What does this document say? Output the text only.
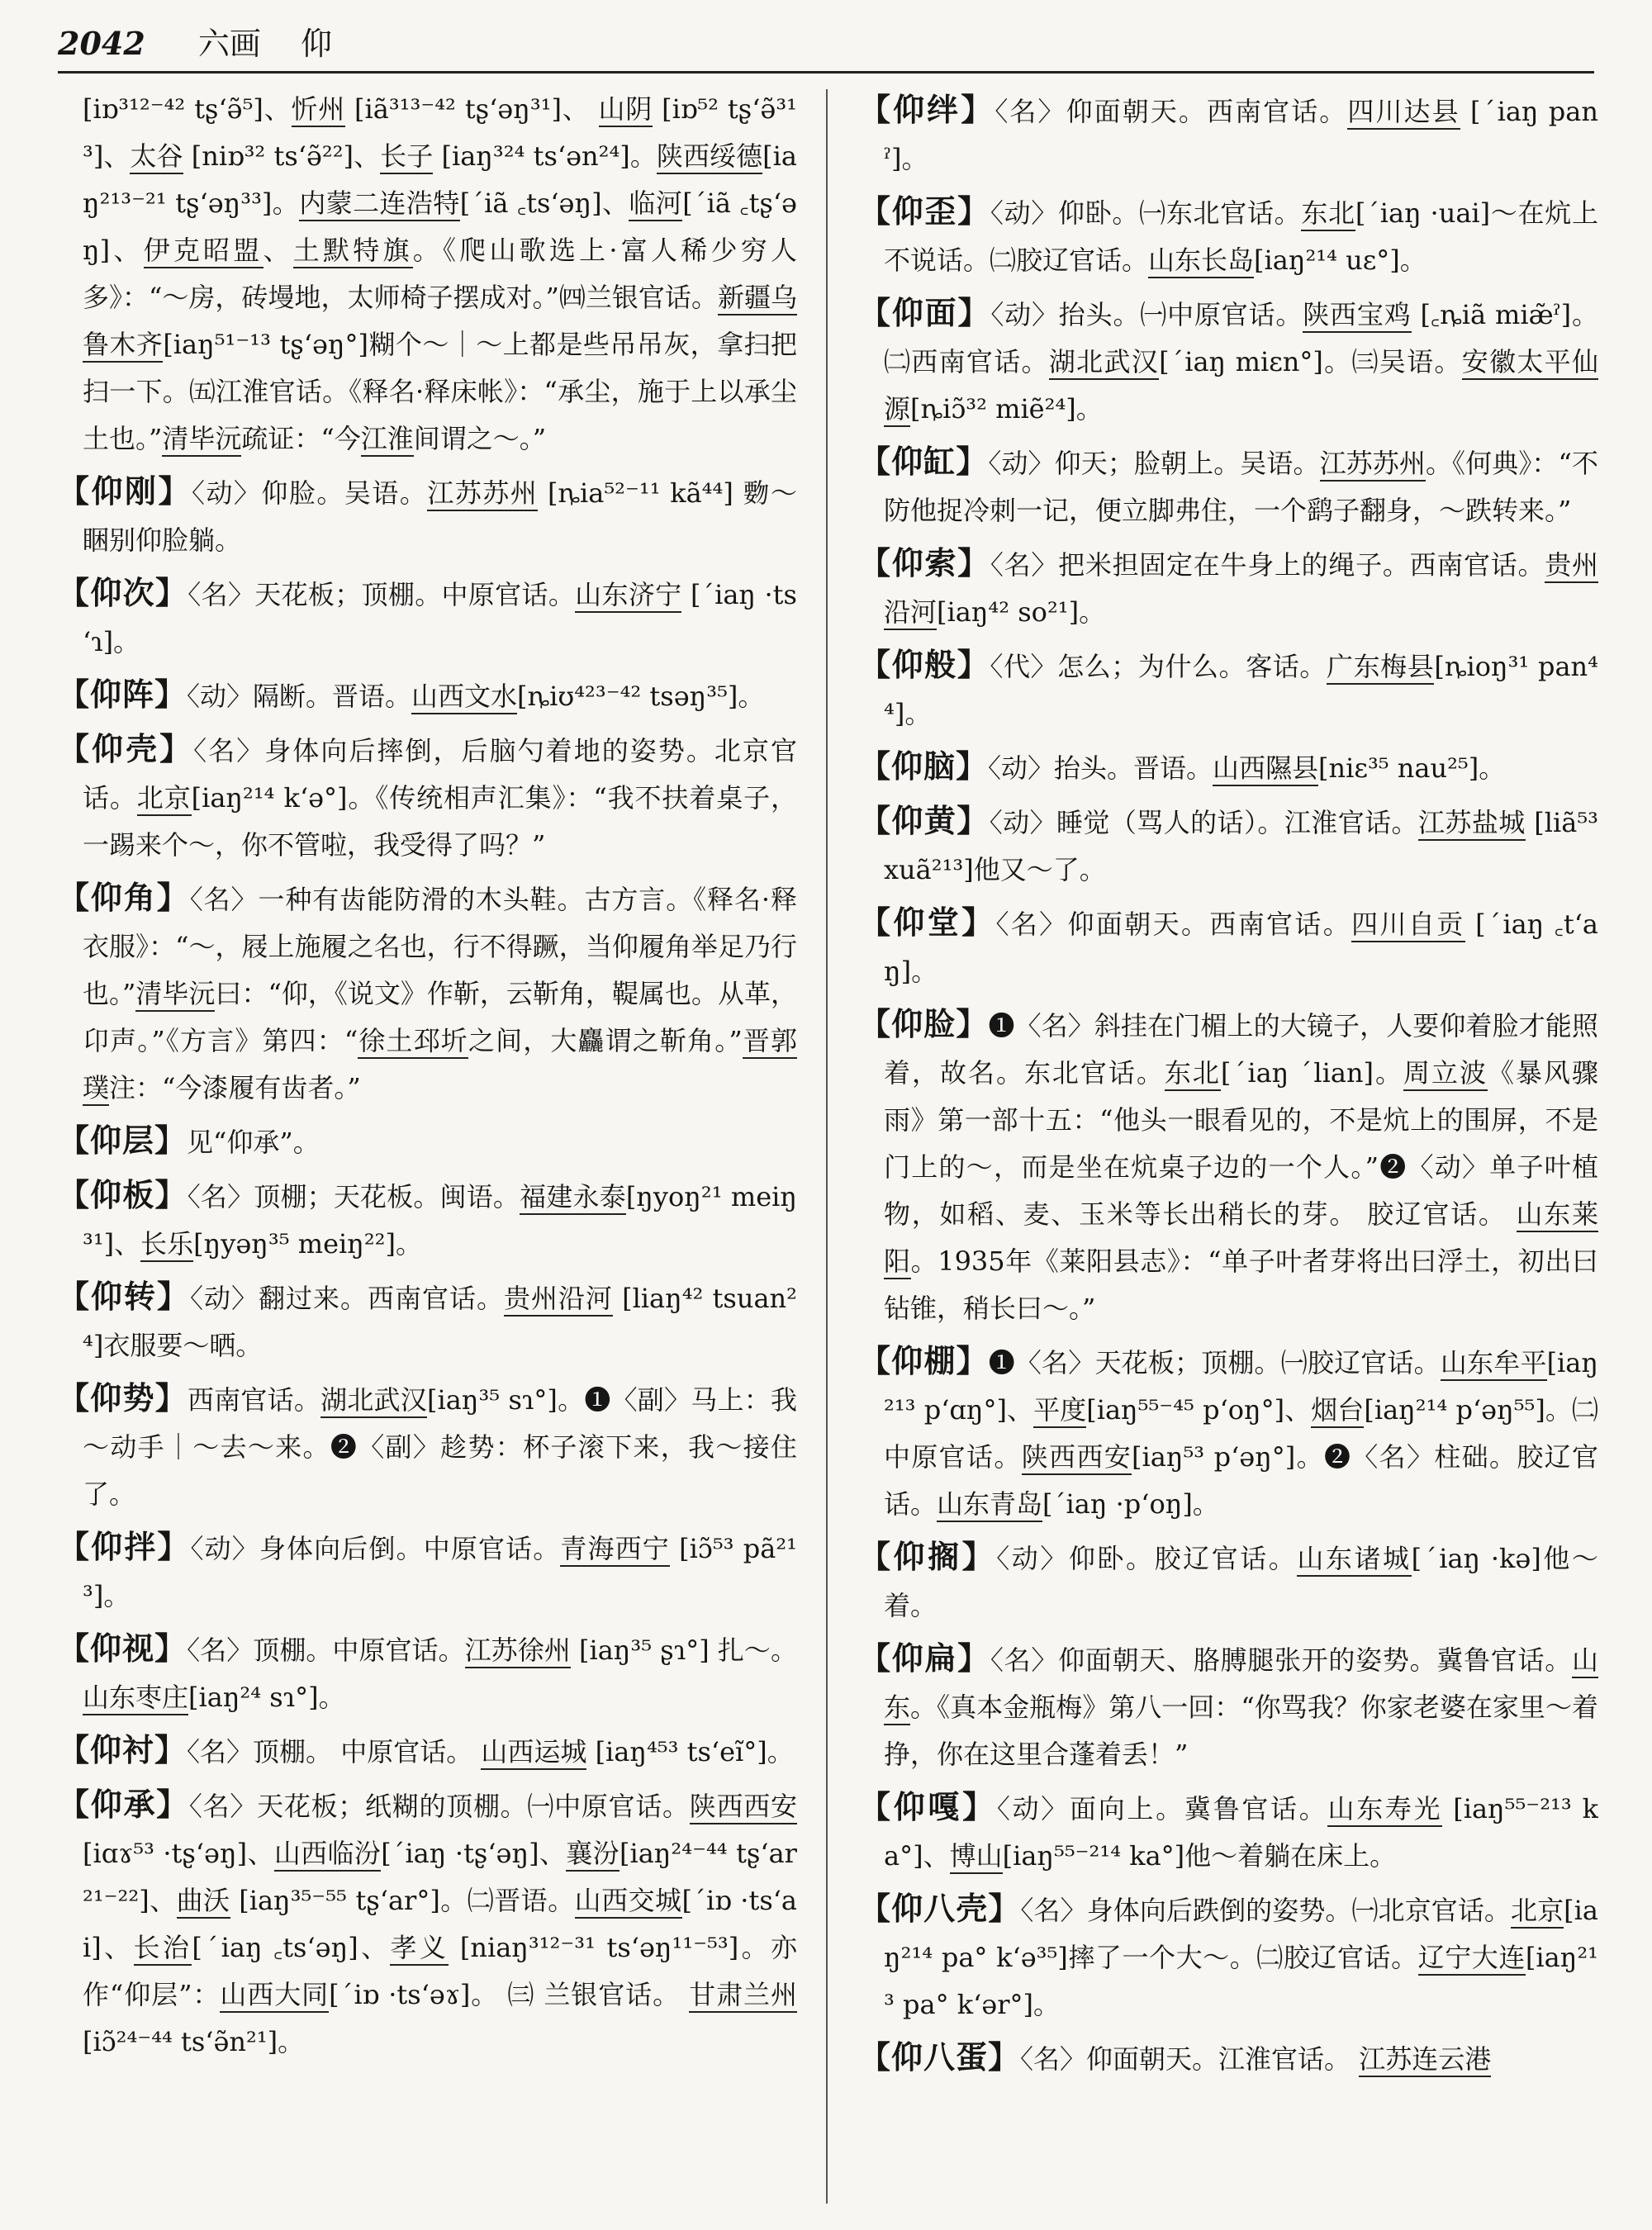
2042 六画 仰

[iɒ³¹²⁻⁴² tʂʻə̃⁵]、忻州 [iã³¹³⁻⁴² tʂʻəŋ³¹]、 山阴 [iɒ⁵² tʂʻə̃³¹³]、太谷 [niɒ³² tsʻə̃²²]、长子 [iaŋ³²⁴ tsʻən²⁴]。陕西绥德[iaŋ²¹³⁻²¹ tʂʻəŋ³³]。内蒙二连浩特[ˊiã ꜀tsʻəŋ]、临河[ˊiã ꜀tʂʻəŋ]、伊克昭盟、土默特旗。《爬山歌选上·富人稀少穷人多》：“～房，砖墁地，太师椅子摆成对。”㈣兰银官话。新疆乌鲁木齐[iaŋ⁵¹⁻¹³ tʂʻəŋ°]糊个～｜～上都是些吊吊灰，拿扫把扫一下。㈤江淮官话。《释名·释床帐》：“承尘，施于上以承尘土也。”清毕沅疏证：“今江淮间谓之～。”

【仰刚】〈动〉仰脸。吴语。江苏苏州 [ȵia⁵²⁻¹¹ kã⁴⁴] 覅～睏别仰脸躺。

【仰次】〈名〉天花板；顶棚。中原官话。山东济宁 [ˊiaŋ ·tsʻɿ]。

【仰阵】〈动〉隔断。晋语。山西文水[ȵiʊ⁴²³⁻⁴² tsəŋ³⁵]。

【仰壳】〈名〉身体向后摔倒，后脑勺着地的姿势。北京官话。北京[iaŋ²¹⁴ kʻə°]。《传统相声汇集》：“我不扶着桌子，一踢来个～，你不管啦，我受得了吗？”

【仰角】〈名〉一种有齿能防滑的木头鞋。古方言。《释名·释衣服》：“～，屐上施履之名也，行不得蹶，当仰履角举足乃行也。”清毕沅曰：“仰，《说文》作靳，云靳角，鞮属也。从革，卬声。”《方言》第四：“徐土邳圻之间，大麤谓之靳角。”晋郭璞注：“今漆履有齿者。”

【仰层】见“仰承”。

【仰板】〈名〉顶棚；天花板。闽语。福建永泰[ŋyoŋ²¹ meiŋ³¹]、长乐[ŋyəŋ³⁵ meiŋ²²]。

【仰转】〈动〉翻过来。西南官话。贵州沿河 [liaŋ⁴² tsuan²⁴]衣服要～晒。

【仰势】西南官话。湖北武汉[iaŋ³⁵ sɿ°]。❶〈副〉马上：我～动手｜～去～来。❷〈副〉趁势：杯子滚下来，我～接住了。

【仰拌】〈动〉身体向后倒。中原官话。青海西宁 [iɔ̃⁵³ pã²¹³]。

【仰视】〈名〉顶棚。中原官话。江苏徐州 [iaŋ³⁵ ʂɿ°] 扎～。山东枣庄[iaŋ²⁴ sɿ°]。

【仰衬】〈名〉顶棚。 中原官话。 山西运城 [iaŋ⁴⁵³ tsʻeĩ°]。

【仰承】〈名〉天花板；纸糊的顶棚。㈠中原官话。陕西西安[iɑɤ⁵³ ·tʂʻəŋ]、山西临汾[ˊiaŋ ·tʂʻəŋ]、襄汾[iaŋ²⁴⁻⁴⁴ tʂʻar²¹⁻²²]、曲沃 [iaŋ³⁵⁻⁵⁵ tʂʻar°]。㈡晋语。山西交城[ˊiɒ ·tsʻai]、长治[ˊiaŋ ꜀tsʻəŋ]、孝义 [niaŋ³¹²⁻³¹ tsʻəŋ¹¹⁻⁵³]。亦作“仰层”：山西大同[ˊiɒ ·tsʻəɤ]。 ㈢ 兰银官话。 甘肃兰州 [iɔ̃²⁴⁻⁴⁴ tsʻə̃n²¹]。

【仰绊】〈名〉仰面朝天。西南官话。四川达县 [ˊiaŋ panˀ]。

【仰歪】〈动〉仰卧。㈠东北官话。东北[ˊiaŋ ·uai]～在炕上不说话。㈡胶辽官话。山东长岛[iaŋ²¹⁴ uɛ°]。

【仰面】〈动〉抬头。㈠中原官话。陕西宝鸡 [꜀ȵiã miæ̃ˀ]。㈡西南官话。湖北武汉[ˊiaŋ miɛn°]。㈢吴语。安徽太平仙源[ȵiɔ̃³² miẽ²⁴]。

【仰缸】〈动〉仰天；脸朝上。吴语。江苏苏州。《何典》：“不防他捉冷刺一记，便立脚弗住，一个鹞子翻身，～跌转来。”

【仰索】〈名〉把米担固定在牛身上的绳子。西南官话。贵州沿河[iaŋ⁴² so²¹]。

【仰般】〈代〉怎么；为什么。客话。广东梅县[ȵioŋ³¹ pan⁴⁴]。

【仰脑】〈动〉抬头。晋语。山西隰县[niɛ³⁵ nau²⁵]。

【仰黄】〈动〉睡觉（骂人的话）。江淮官话。江苏盐城 [liã⁵³ xuã²¹³]他又～了。

【仰堂】〈名〉仰面朝天。西南官话。四川自贡 [ˊiaŋ ꜀tʻaŋ]。

【仰脸】❶〈名〉斜挂在门楣上的大镜子，人要仰着脸才能照着，故名。东北官话。东北[ˊiaŋ ˊlian]。周立波《暴风骤雨》第一部十五：“他头一眼看见的，不是炕上的围屏，不是门上的～，而是坐在炕桌子边的一个人。”❷〈动〉单子叶植物，如稻、麦、玉米等长出稍长的芽。 胶辽官话。 山东莱阳。1935年《莱阳县志》：“单子叶者芽将出曰浮土，初出曰钻锥，稍长曰～。”

【仰棚】❶〈名〉天花板；顶棚。㈠胶辽官话。山东牟平[iaŋ²¹³ pʻɑŋ°]、平度[iaŋ⁵⁵⁻⁴⁵ pʻoŋ°]、烟台[iaŋ²¹⁴ pʻəŋ⁵⁵]。㈡中原官话。陕西西安[iaŋ⁵³ pʻəŋ°]。❷〈名〉柱础。胶辽官话。山东青岛[ˊiaŋ ·pʻoŋ]。

【仰搁】〈动〉仰卧。胶辽官话。山东诸城[ˊiaŋ ·kə]他～着。

【仰扁】〈名〉仰面朝天、胳膊腿张开的姿势。冀鲁官话。山东。《真本金瓶梅》第八一回：“你骂我？你家老婆在家里～着挣，你在这里合蓬着丢！”

【仰嘎】〈动〉面向上。冀鲁官话。山东寿光 [iaŋ⁵⁵⁻²¹³ ka°]、博山[iaŋ⁵⁵⁻²¹⁴ ka°]他～着躺在床上。

【仰八壳】〈名〉身体向后跌倒的姿势。㈠北京官话。北京[iaŋ²¹⁴ pa° kʻə³⁵]摔了一个大～。㈡胶辽官话。辽宁大连[iaŋ²¹³ pa° kʻər°]。

【仰八蛋】〈名〉仰面朝天。江淮官话。 江苏连云港
